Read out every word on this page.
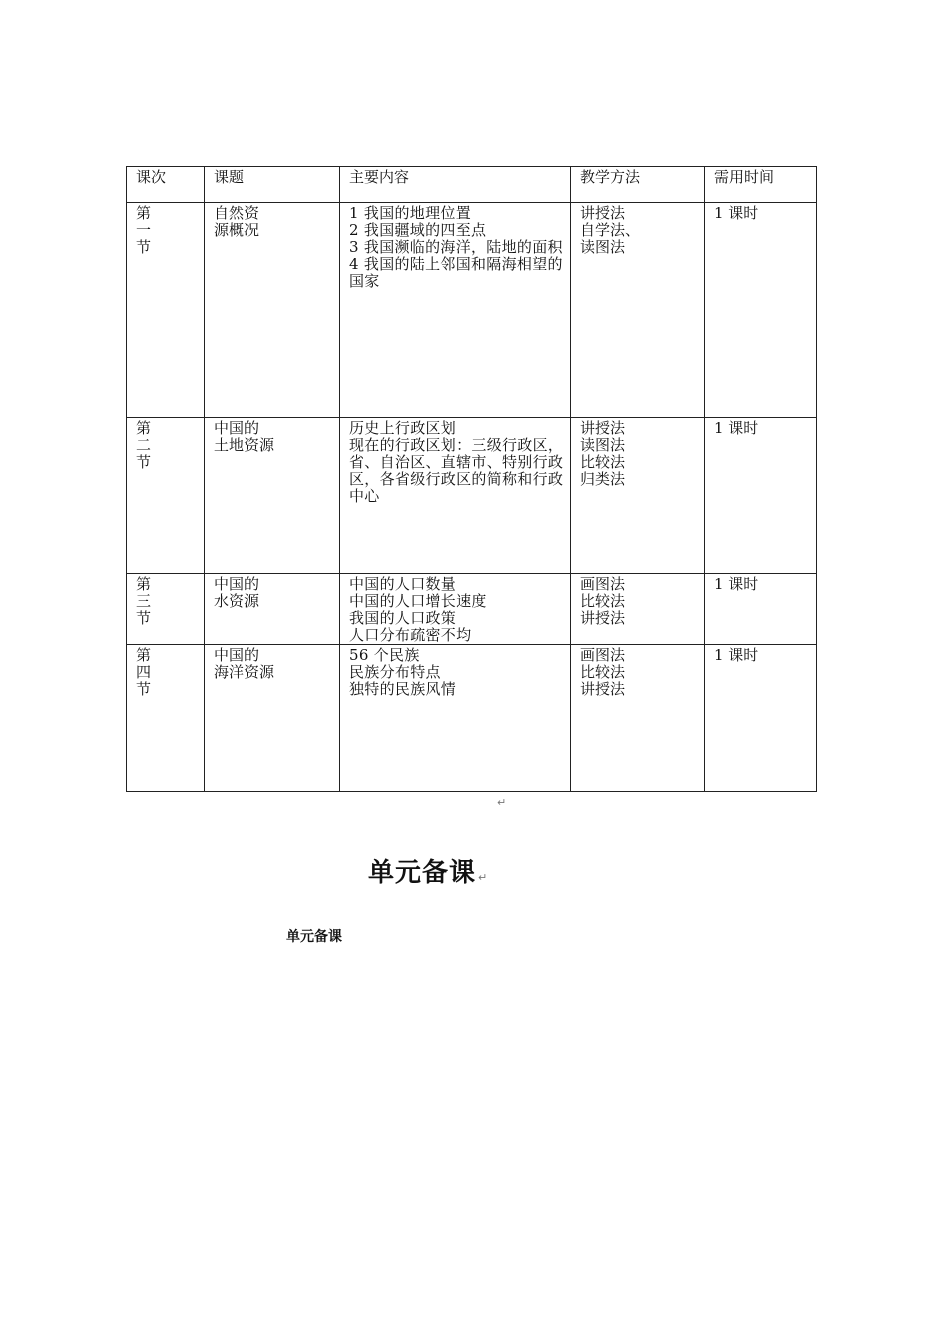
课次	课题	主要内容	教学方法	需用时间

第
一
节	自然资
源概况	1 我国的地理位置
2 我国疆域的四至点
3 我国濒临的海洋，陆地的面积
4 我国的陆上邻国和隔海相望的国家	讲授法
自学法、
读图法	1 课时

第
二
节	中国的
土地资源	历史上行政区划
现在的行政区划：三级行政区，省、自治区、直辖市、特别行政区，各省级行政区的简称和行政中心	讲授法
读图法
比较法
归类法	1 课时

第
三
节	中国的
水资源	中国的人口数量
中国的人口增长速度
我国的人口政策
人口分布疏密不均	画图法
比较法
讲授法	1 课时

第
四
节	中国的
海洋资源	56 个民族
民族分布特点
独特的民族风情	画图法
比较法
讲授法	1 课时
↵
单元备课 ↵
单元备课
